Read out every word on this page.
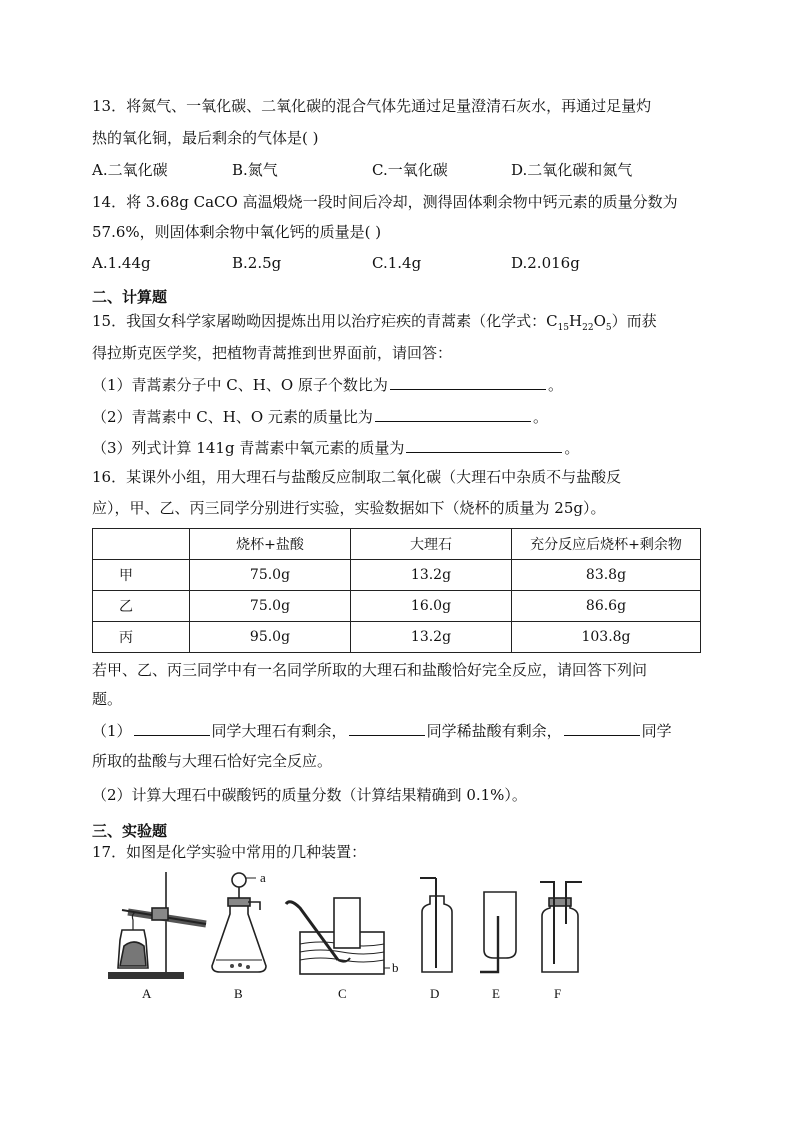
13．将氮气、一氧化碳、二氧化碳的混合气体先通过足量澄清石灰水，再通过足量灼
热的氧化铜，最后剩余的气体是( )
A.二氧化碳	B.氮气	C.一氧化碳	D.二氧化碳和氮气
14．将 3.68g CaCO 高温煅烧一段时间后冷却，测得固体剩余物中钙元素的质量分数为
57.6%，则固体剩余物中氧化钙的质量是( )
A.1.44g	B.2.5g	C.1.4g	D.2.016g
二、计算题
15．我国女科学家屠呦呦因提炼出用以治疗疟疾的青蒿素（化学式：$C_{15}H_{22}O_5$）而获
得拉斯克医学奖，把植物青蒿推到世界面前，请回答：
（1）青蒿素分子中 C、H、O 原子个数比为	。
（2）青蒿素中 C、H、O 元素的质量比为	。
（3）列式计算 141g 青蒿素中氧元素的质量为	。
16．某课外小组，用大理石与盐酸反应制取二氧化碳（大理石中杂质不与盐酸反
应），甲、乙、丙三同学分别进行实验，实验数据如下（烧杯的质量为 25g）。
	烧杯+盐酸	大理石	充分反应后烧杯+剩余物
甲	75.0g	13.2g	83.8g
乙	75.0g	16.0g	86.6g
丙	95.0g	13.2g	103.8g
若甲、乙、丙三同学中有一名同学所取的大理石和盐酸恰好完全反应，请回答下列问
题。
（1）	同学大理石有剩余，	同学稀盐酸有剩余，	同学
所取的盐酸与大理石恰好完全反应。
（2）计算大理石中碳酸钙的质量分数（计算结果精确到 0.1%）。
三、实验题
17．如图是化学实验中常用的几种装置：
b
a
A	B	C	D	E	F
